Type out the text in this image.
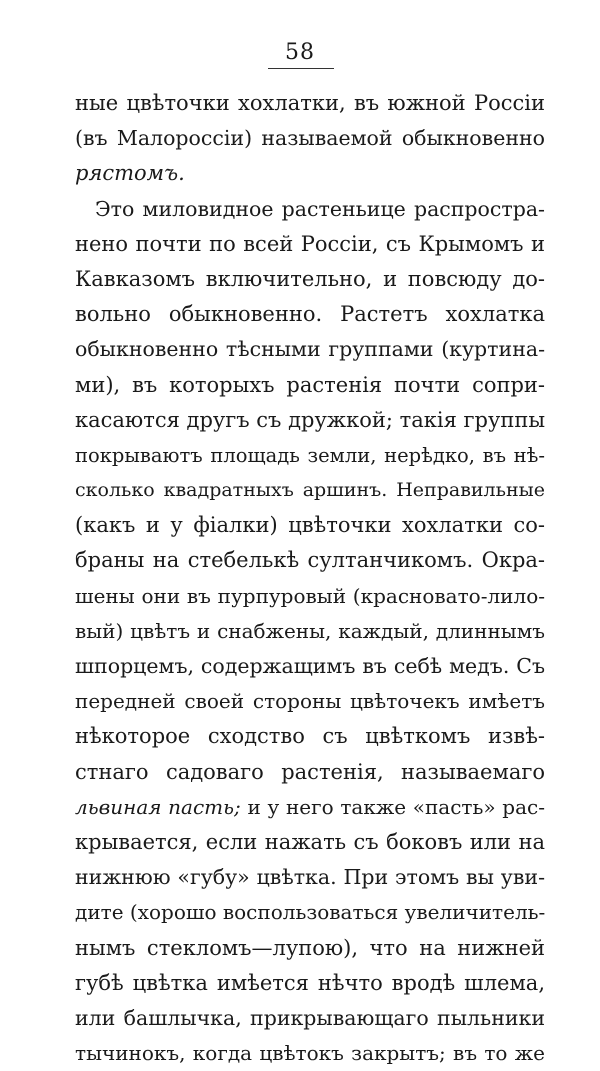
58
ные цвѣточки хохлатки, въ южной Россіи
(въ Малороссіи) называемой обыкновенно
рястомъ.
Это миловидное растеньице распростра-
нено почти по всей Россіи, съ Крымомъ и
Кавказомъ включительно, и повсюду до-
вольно обыкновенно. Растетъ хохлатка
обыкновенно тѣсными группами (куртина-
ми), въ которыхъ растенія почти сопри-
касаются другъ съ дружкой; такія группы
покрываютъ площадь земли, нерѣдко, въ нѣ-
сколько квадратныхъ аршинъ. Неправильные
(какъ и у фіалки) цвѣточки хохлатки со-
браны на стебелькѣ султанчикомъ. Окра-
шены они въ пурпуровый (красновато-лило-
вый) цвѣтъ и снабжены, каждый, длиннымъ
шпорцемъ, содержащимъ въ себѣ медъ. Съ
передней своей стороны цвѣточекъ имѣетъ
нѣкоторое сходство съ цвѣткомъ извѣ-
стнаго садоваго растенія, называемаго
львиная пасть; и у него также «пасть» рас-
крывается, если нажать съ боковъ или на
нижнюю «губу» цвѣтка. При этомъ вы уви-
дите (хорошо воспользоваться увеличитель-
нымъ стекломъ—лупою), что на нижней
губѣ цвѣтка имѣется нѣчто вродѣ шлема,
или башлычка, прикрывающаго пыльники
тычинокъ, когда цвѣтокъ закрытъ; въ то же
